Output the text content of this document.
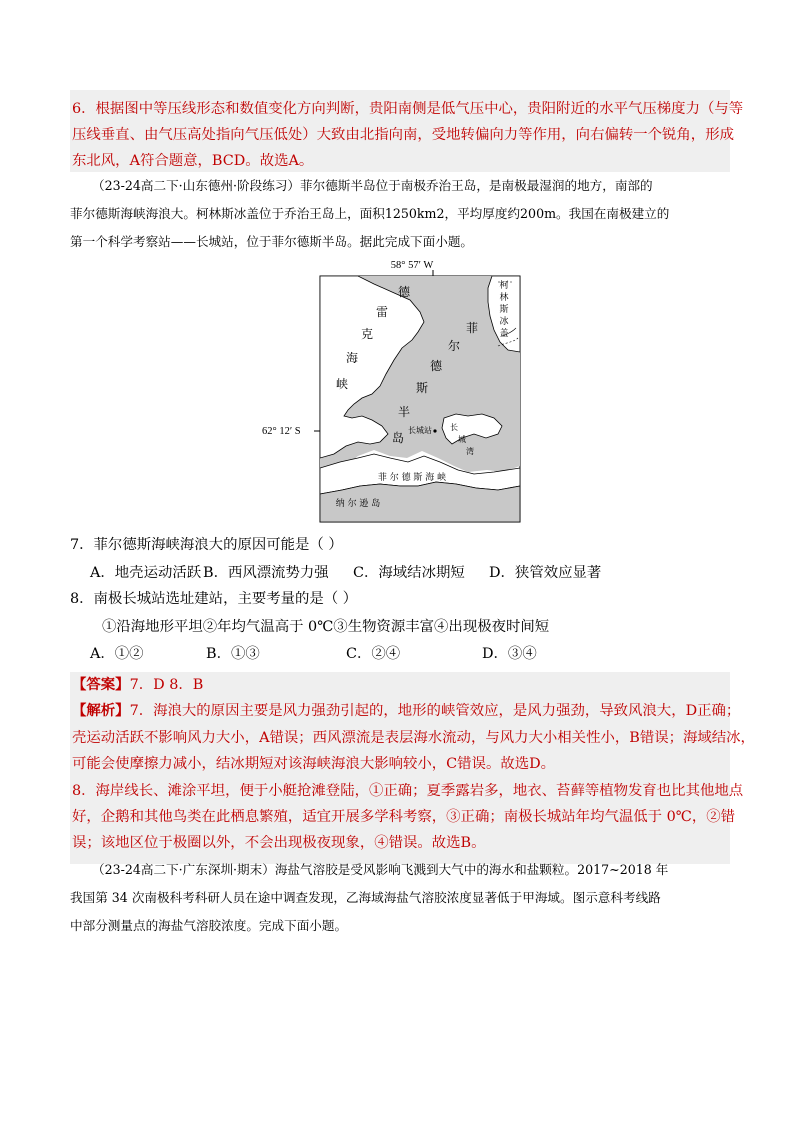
6．根据图中等压线形态和数值变化方向判断，贵阳南侧是低气压中心，贵阳附近的水平气压梯度力（与等
压线垂直、由气压高处指向气压低处）大致由北指向南，受地转偏向力等作用，向右偏转一个锐角，形成
东北风，A符合题意，BCD。故选A。
（23-24高二下·山东德州·阶段练习）菲尔德斯半岛位于南极乔治王岛，是南极最湿润的地方，南部的
菲尔德斯海峡海浪大。柯林斯冰盖位于乔治王岛上，面积1250km2，平均厚度约200m。我国在南极建立的
第一个科学考察站——长城站，位于菲尔德斯半岛。据此完成下面小题。
58° 57′ W
62° 12′ S
德
雷
克
海
峡
菲
尔
德
斯
半
岛
长城站 长
城
湾
柯
林
斯
冰
盖
菲 尔 德 斯 海 峡
纳 尔 逊 岛
7．菲尔德斯海峡海浪大的原因可能是（ ）
A．地壳运动活跃 B．西风漂流势力强 C．海域结冰期短 D．狭管效应显著
8．南极长城站选址建站，主要考量的是（ ）
①沿海地形平坦②年均气温高于 0℃③生物资源丰富④出现极夜时间短
A．①②	B．①③	C．②④	D．③④
【答案】7．D 8．B
【解析】7．海浪大的原因主要是风力强劲引起的，地形的峡管效应，是风力强劲，导致风浪大，D正确；
壳运动活跃不影响风力大小，A错误；西风漂流是表层海水流动，与风力大小相关性小，B错误；海域结冰，
可能会使摩擦力减小，结冰期短对该海峡海浪大影响较小，C错误。故选D。
8．海岸线长、滩涂平坦，便于小艇抢滩登陆，①正确；夏季露岩多，地衣、苔藓等植物发育也比其他地点
好，企鹅和其他鸟类在此栖息繁殖，适宜开展多学科考察，③正确；南极长城站年均气温低于 0℃，②错
误；该地区位于极圈以外，不会出现极夜现象，④错误。故选B。
（23-24高二下·广东深圳·期末）海盐气溶胶是受风影响飞溅到大气中的海水和盐颗粒。2017~2018 年
我国第 34 次南极科考科研人员在途中调查发现，乙海域海盐气溶胶浓度显著低于甲海域。图示意科考线路
中部分测量点的海盐气溶胶浓度。完成下面小题。
